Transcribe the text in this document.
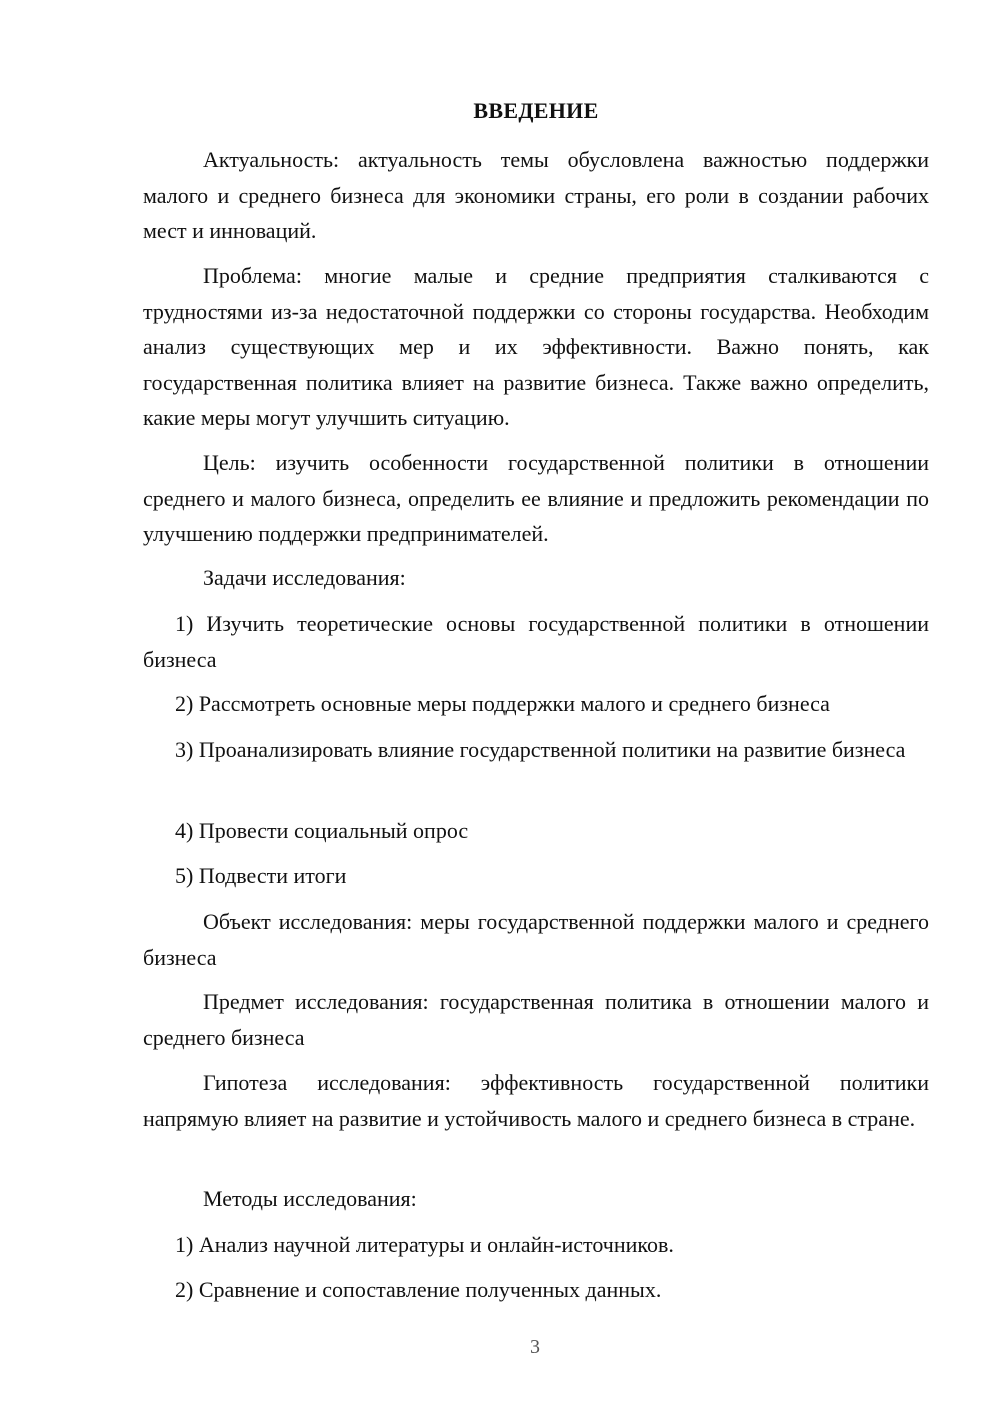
ВВЕДЕНИЕ

Актуальность: актуальность темы обусловлена важностью поддержки малого и среднего бизнеса для экономики страны, его роли в создании рабочих мест и инноваций.

Проблема: многие малые и средние предприятия сталкиваются с трудностями из-за недостаточной поддержки со стороны государства. Необходим анализ существующих мер и их эффективности. Важно понять, как государственная политика влияет на развитие бизнеса. Также важно определить, какие меры могут улучшить ситуацию.

Цель: изучить особенности государственной политики в отношении среднего и малого бизнеса, определить ее влияние и предложить рекомендации по улучшению поддержки предпринимателей.

Задачи исследования:

1) Изучить теоретические основы государственной политики в отношении бизнеса

2) Рассмотреть основные меры поддержки малого и среднего бизнеса

3) Проанализировать влияние государственной политики на развитие бизнеса

4) Провести социальный опрос

5) Подвести итоги

Объект исследования: меры государственной поддержки малого и среднего бизнеса

Предмет исследования: государственная политика в отношении малого и среднего бизнеса

Гипотеза исследования: эффективность государственной политики напрямую влияет на развитие и устойчивость малого и среднего бизнеса в стране.

Методы исследования:

1) Анализ научной литературы и онлайн-источников.

2) Сравнение и сопоставление полученных данных.

3
